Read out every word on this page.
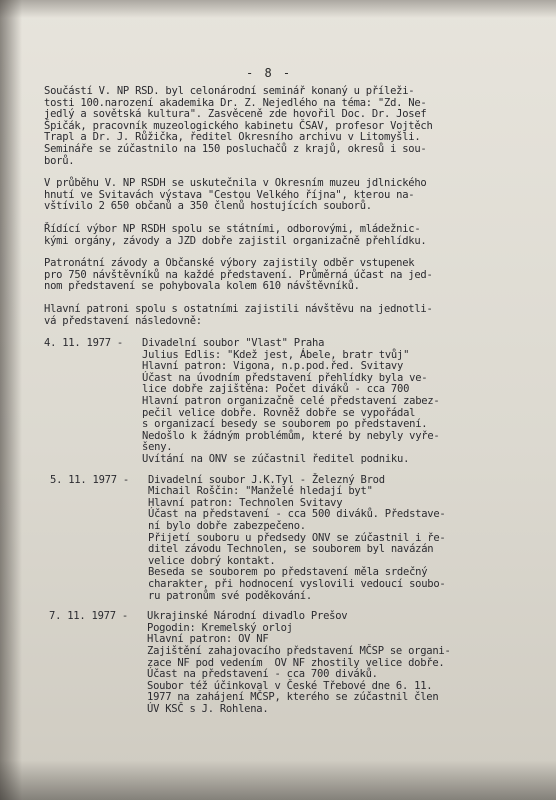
- 8 -
Součástí V. NP RSD. byl celonárodní seminář konaný u příleži-
tosti 100.narození akademika Dr. Z. Nejedlého na téma: "Zd. Ne-
jedlý a sovětská kultura". Zasvěceně zde hovořil Doc. Dr. Josef
Špičák, pracovník muzeologického kabinetu ČSAV, profesor Vojtěch
Trapl a Dr. J. Růžička, ředitel Okresního archivu v Litomyšli.
Semináře se zúčastnilo na 150 posluchačů z krajů, okresů i sou-
borů.
V průběhu V. NP RSDH se uskutečnila v Okresním muzeu jdlnického
hnutí ve Svitavách výstava "Cestou Velkého října", kterou na-
vštívilo 2 650 občanů a 350 členů hostujících souborů.
Řídící výbor NP RSDH spolu se státními, odborovými, mládežnic-
kými orgány, závody a JZD dobře zajistil organizačně přehlídku.
Patronátní závody a Občanské výbory zajistily odběr vstupenek
pro 750 návštěvníků na každé představení. Průměrná účast na jed-
nom představení se pohybovala kolem 610 návštěvníků.
Hlavní patroni spolu s ostatními zajistili návštěvu na jednotli-
vá představení následovně:
4. 11. 1977 -	Divadelní soubor "Vlast" Praha
Julius Edlis: "Kdež jest, Ábele, bratr tvůj"
Hlavní patron: Vigona, n.p.pod.řed. Svitavy
Účast na úvodním představení přehlídky byla ve-
lice dobře zajištěna: Počet diváků - cca 700
Hlavní patron organizačně celé představení zabez-
pečil velice dobře. Rovněž dobře se vypořádal
s organizací besedy se souborem po představení.
Nedošlo k žádným problémům, které by nebyly vyře-
šeny.
Uvítání na ONV se zúčastnil ředitel podniku.
5. 11. 1977 -	Divadelní soubor J.K.Tyl - Železný Brod
Michail Roščin: "Manželé hledají byt"
Hlavní patron: Technolen Svitavy
Účast na představení - cca 500 diváků. Představe-
ní bylo dobře zabezpečeno.
Přijetí souboru u předsedy ONV se zúčastnil i ře-
ditel závodu Technolen, se souborem byl navázán
velice dobrý kontakt.
Beseda se souborem po představení měla srdečný
charakter, při hodnocení vyslovili vedoucí soubo-
ru patronům své poděkování.
7. 11. 1977 -	Ukrajinské Národní divadlo Prešov
Pogodin: Kremelský orloj
Hlavní patron: OV NF
Zajištění zahajovacího představení MČSP se organi-
zace NF pod vedením  OV NF zhostily velice dobře.
Účast na představení - cca 700 diváků.
Soubor též účinkoval v České Třebové dne 6. 11.
1977 na zahájení MČSP, kterého se zúčastnil člen
ÚV KSČ s J. Rohlena.
